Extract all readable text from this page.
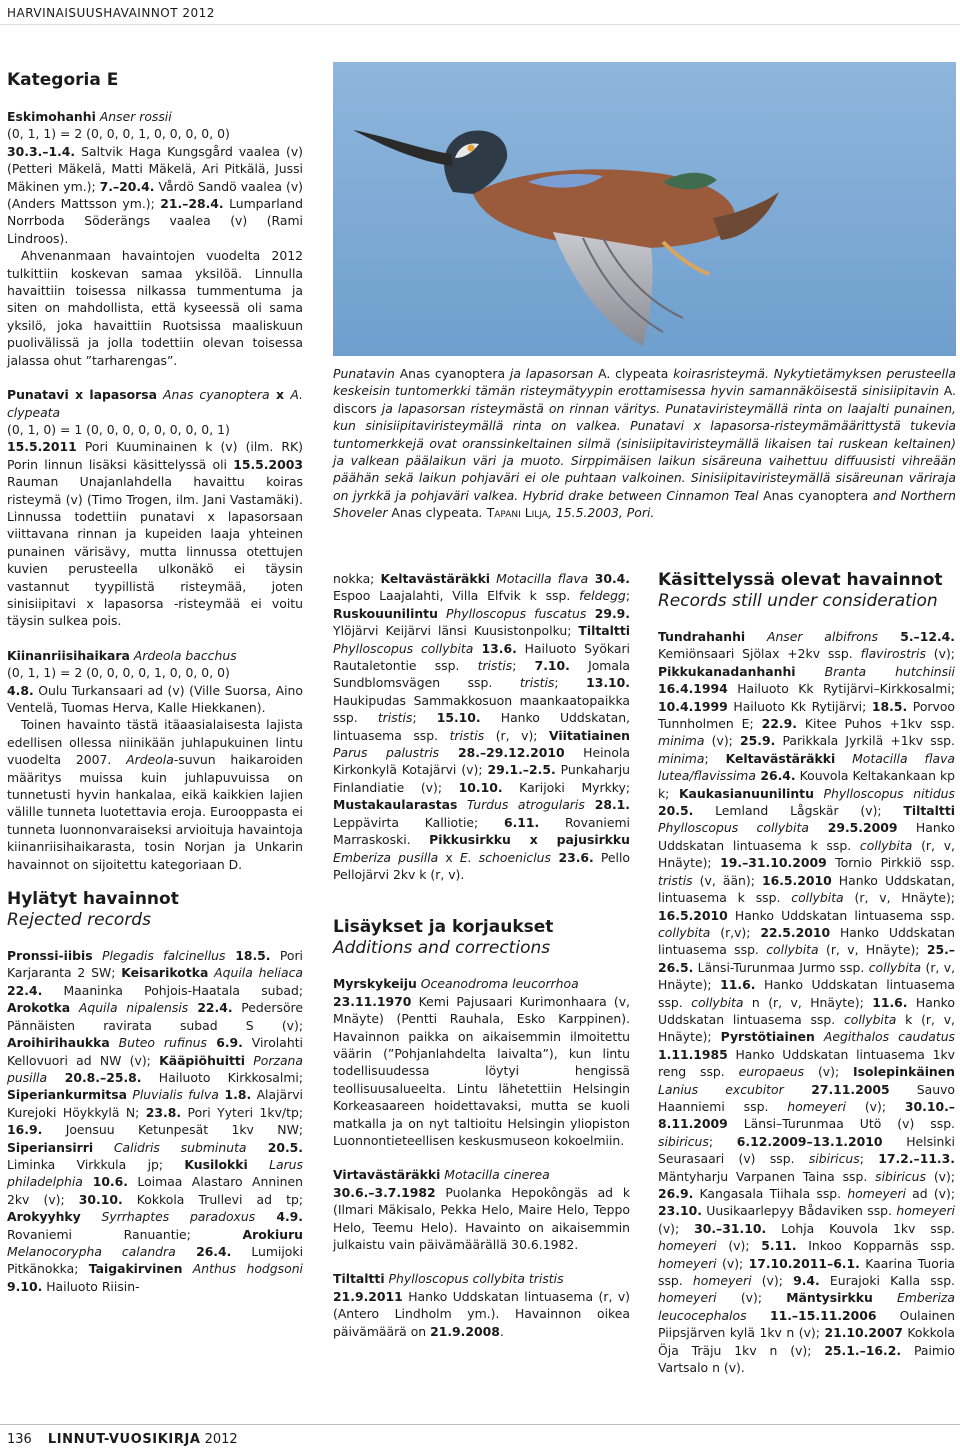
HARVINAISUUSHAVAINNOT 2012
Kategoria E

Eskimohanhi Anser rossii

(0, 1, 1) = 2 (0, 0, 0, 1, 0, 0, 0, 0, 0)

30.3.–1.4. Saltvik Haga Kungsgård vaalea (v) (Petteri Mäkelä, Matti Mäkelä, Ari Pitkälä, Jussi Mäkinen ym.); 7.–20.4. Vårdö Sandö vaalea (v) (Anders Mattsson ym.); 21.–28.4. Lumparland Norrboda Söderängs vaalea (v) (Rami Lindroos).

Ahvenanmaan havaintojen vuodelta 2012 tulkittiin koskevan samaa yksilöä. Linnulla havaittiin toisessa nilkassa tummentuma ja siten on mahdollista, että kyseessä oli sama yksilö, joka havaittiin Ruotsissa maaliskuun puolivälissä ja jolla todettiin olevan toisessa jalassa ohut ”tarharengas”.

Punatavi x lapasorsa Anas cyanoptera x A. clypeata

(0, 1, 0) = 1 (0, 0, 0, 0, 0, 0, 0, 0, 1)

15.5.2011 Pori Kuuminainen k (v) (ilm. RK) Porin linnun lisäksi käsittelyssä oli 15.5.2003 Rauman Unajanlahdella havaittu koiras risteymä (v) (Timo Trogen, ilm. Jani Vastamäki). Linnussa todettiin punatavi x lapasorsaan viittavana rinnan ja kupeiden laaja yhteinen punainen värisävy, mutta linnussa otettujen kuvien perusteella ulkonäkö ei täysin vastannut tyypillistä risteymää, joten sinisiipitavi x lapasorsa -risteymää ei voitu täysin sulkea pois.

Kiinanriisihaikara Ardeola bacchus

(0, 1, 1) = 2 (0, 0, 0, 0, 1, 0, 0, 0, 0)

4.8. Oulu Turkansaari ad (v) (Ville Suorsa, Aino Ventelä, Tuomas Herva, Kalle Hiekkanen).

Toinen havainto tästä itäaasialaisesta lajista edellisen ollessa niinikään juhlapukuinen lintu vuodelta 2007. Ardeola-suvun haikaroiden määritys muissa kuin juhlapuvuissa on tunnetusti hyvin hankalaa, eikä kaikkien lajien välille tunneta luotettavia eroja. Eurooppasta ei tunneta luonnonvaraiseksi arvioituja havaintoja kiinanriisihaikarasta, tosin Norjan ja Unkarin havainnot on sijoitettu kategoriaan D.

Hylätyt havainnot
Rejected records

Pronssi-iibis Plegadis falcinellus 18.5. Pori Karjaranta 2 SW; Keisarikotka Aquila heliaca 22.4. Maaninka Pohjois-Haatala subad; Arokotka Aquila nipalensis 22.4. Pedersöre Pännäisten ravirata subad S (v); Aroihirihaukka Buteo rufinus 6.9. Virolahti Kellovuori ad NW (v); Kääpiöhuitti Porzana pusilla 20.8.–25.8. Hailuoto Kirkkosalmi; Siperiankurmitsa Pluvialis fulva 1.8. Alajärvi Kurejoki Höykkylä N; 23.8. Pori Yyteri 1kv/tp; 16.9. Joensuu Ketunpesät 1kv NW; Siperiansirri Calidris subminuta 20.5. Liminka Virkkula jp; Kusilokki Larus philadelphia 10.6. Loimaa Alastaro Anninen 2kv (v); 30.10. Kokkola Trullevi ad tp; Arokyyhky Syrrhaptes paradoxus 4.9. Rovaniemi Ranuantie; Arokiuru Melanocorypha calandra 26.4. Lumijoki Pitkänokka; Taigakirvinen Anthus hodgsoni 9.10. Hailuoto Riisin-

Punatavin Anas cyanoptera ja lapasorsan A. clypeata koirasristeymä. Nykytietämyksen perusteella keskeisin tuntomerkki tämän risteymätyypin erottamisessa hyvin samannäköisestä sinisiipitavin A. discors ja lapasorsan risteymästä on rinnan väritys. Punataviristeymällä rinta on laajalti punainen, kun sinisiipitaviristeymällä rinta on valkea. Punatavi x lapasorsa-risteymämäärittystä tukevia tuntomerkkejä ovat oranssinkeltainen silmä (sinisiipitaviristeymällä likaisen tai ruskean keltainen) ja valkean päälaikun väri ja muoto. Sirppimäisen laikun sisäreuna vaihettuu diffuusisti vihreään päähän sekä laikun pohjaväri ei ole puhtaan valkoinen. Sinisiipitaviristeymällä sisäreunan väriraja on jyrkkä ja pohjaväri valkea. Hybrid drake between Cinnamon Teal Anas cyanoptera and Northern Shoveler Anas clypeata. Tapani Lilja, 15.5.2003, Pori.

nokka; Keltavästäräkki Motacilla flava 30.4. Espoo Laajalahti, Villa Elfvik k ssp. feldegg; Ruskouunilintu Phylloscopus fuscatus 29.9. Ylöjärvi Keijärvi länsi Kuusistonpolku; Tiltaltti Phylloscopus collybita 13.6. Hailuoto Syökari Rautaletontie ssp. tristis; 7.10. Jomala Sundblomsvägen ssp. tristis; 13.10. Haukipudas Sammakkosuon maankaatopaikka ssp. tristis; 15.10. Hanko Uddskatan, lintuasema ssp. tristis (r, v); Viitatiainen Parus palustris 28.–29.12.2010 Heinola Kirkonkylä Kotajärvi (v); 29.1.–2.5. Punkaharju Finlandiatie (v); 10.10. Karijoki Myrkky; Mustakaularastas Turdus atrogularis 28.1. Leppävirta Kalliotie; 6.11. Rovaniemi Marraskoski. Pikkusirkku x pajusirkku Emberiza pusilla x E. schoeniclus 23.6. Pello Pellojärvi 2kv k (r, v).

Lisäykset ja korjaukset
Additions and corrections

Myrskykeiju Oceanodroma leucorrhoa

23.11.1970 Kemi Pajusaari Kurimonhaara (v, Mnäyte) (Pentti Rauhala, Esko Karppinen). Havainnon paikka on aikaisemmin ilmoitettu väärin (”Pohjanlahdelta laivalta”), kun lintu todellisuudessa löytyi hengissä teollisuusalueelta. Lintu lähetettiin Helsingin Korkeasaareen hoidettavaksi, mutta se kuoli matkalla ja on nyt taltioitu Helsingin yliopiston Luonnontieteellisen keskusmuseon kokoelmiin.

Virtavästäräkki Motacilla cinerea

30.6.–3.7.1982 Puolanka Hepokôngäs ad k (Ilmari Mäkisalo, Pekka Helo, Maire Helo, Teppo Helo, Teemu Helo). Havainto on aikaisemmin julkaistu vain päivämäärällä 30.6.1982.

Tiltaltti Phylloscopus collybita tristis

21.9.2011 Hanko Uddskatan lintuasema (r, v) (Antero Lindholm ym.). Havainnon oikea päivämäärä on 21.9.2008.

Käsittelyssä olevat havainnot
Records still under consideration

Tundrahanhi Anser albifrons 5.–12.4. Kemiönsaari Sjölax +2kv ssp. flavirostris (v); Pikkukanadanhanhi Branta hutchinsii 16.4.1994 Hailuoto Kk Rytijärvi–Kirkkosalmi; 10.4.1999 Hailuoto Kk Rytijärvi; 18.5. Porvoo Tunnholmen E; 22.9. Kitee Puhos +1kv ssp. minima (v); 25.9. Parikkala Jyrkilä +1kv ssp. minima; Keltavästäräkki Motacilla flava lutea/flavissima 26.4. Kouvola Keltakankaan kp k; Kaukasianuunilintu Phylloscopus nitidus 20.5. Lemland Lågskär (v); Tiltaltti Phylloscopus collybita 29.5.2009 Hanko Uddskatan lintuasema k ssp. collybita (r, v, Hnäyte); 19.–31.10.2009 Tornio Pirkkiö ssp. tristis (v, ään); 16.5.2010 Hanko Uddskatan, lintuasema k ssp. collybita (r, v, Hnäyte); 16.5.2010 Hanko Uddskatan lintuasema ssp. collybita (r,v); 22.5.2010 Hanko Uddskatan lintuasema ssp. collybita (r, v, Hnäyte); 25.–26.5. Länsi-Turunmaa Jurmo ssp. collybita (r, v, Hnäyte); 11.6. Hanko Uddskatan lintuasema ssp. collybita n (r, v, Hnäyte); 11.6. Hanko Uddskatan lintuasema ssp. collybita k (r, v, Hnäyte); Pyrstötiainen Aegithalos caudatus 1.11.1985 Hanko Uddskatan lintuasema 1kv reng ssp. europaeus (v); Isolepinkäinen Lanius excubitor 27.11.2005 Sauvo Haanniemi ssp. homeyeri (v); 30.10.–8.11.2009 Länsi–Turunmaa Utö (v) ssp. sibiricus; 6.12.2009–13.1.2010 Helsinki Seurasaari (v) ssp. sibiricus; 17.2.–11.3. Mäntyharju Varpanen Taina ssp. sibiricus (v); 26.9. Kangasala Tiihala ssp. homeyeri ad (v); 23.10. Uusikaarlepyy Bådaviken ssp. homeyeri (v); 30.–31.10. Lohja Kouvola 1kv ssp. homeyeri (v); 5.11. Inkoo Kopparnäs ssp. homeyeri (v); 17.10.2011–6.1. Kaarina Tuoria ssp. homeyeri (v); 9.4. Eurajoki Kalla ssp. homeyeri (v); Mäntysirkku Emberiza leucocephalos 11.–15.11.2006 Oulainen Piipsjärven kylä 1kv n (v); 21.10.2007 Kokkola Öja Träju 1kv n (v); 25.1.–16.2. Paimio Vartsalo n (v).

136 LINNUT-VUOSIKIRJA 2012
